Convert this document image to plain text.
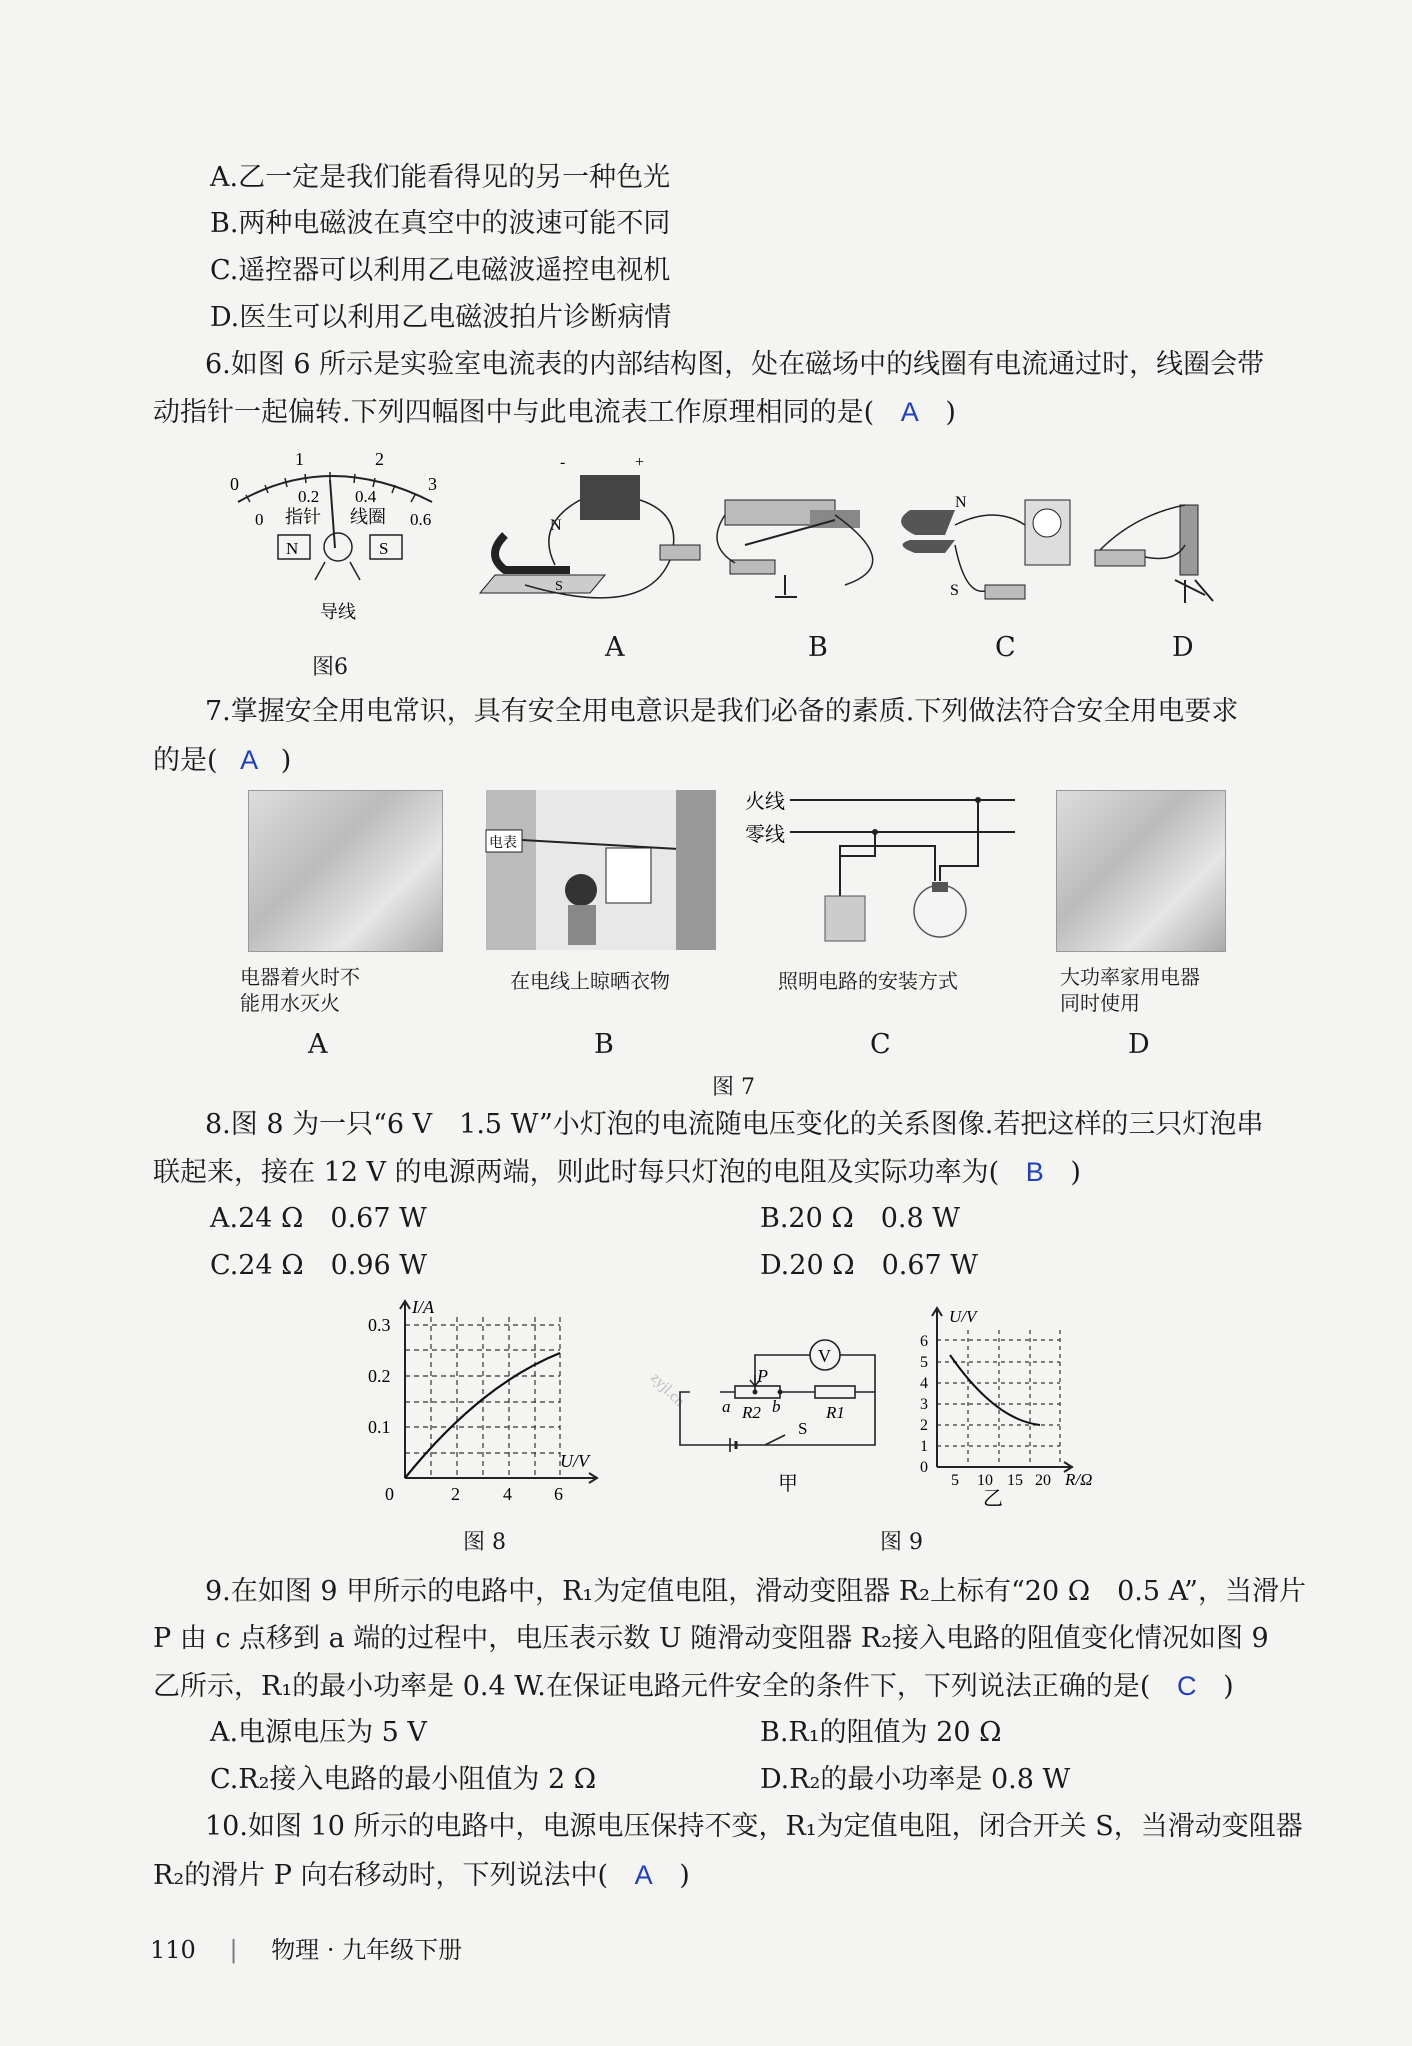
A.乙一定是我们能看得见的另一种色光
B.两种电磁波在真空中的波速可能不同
C.遥控器可以利用乙电磁波遥控电视机
D.医生可以利用乙电磁波拍片诊断病情
6.如图 6 所示是实验室电流表的内部结构图，处在磁场中的线圈有电流通过时，线圈会带
动指针一起偏转.下列四幅图中与此电流表工作原理相同的是( A )
0
1	2
3
0
0.2 0.4
0.6
指针 线圈
N	S
导线
图6
-	+
N
S
N
S
A	B	C	D
7.掌握安全用电常识，具有安全用电意识是我们必备的素质.下列做法符合安全用电要求
的是( A )
电表
火线
零线
电器着火时不
能用水灭火
在电线上晾晒衣物	照明电路的安装方式	大功率家用电器
同时使用
A	B	C	D
图 7
8.图 8 为一只“6 V　1.5 W”小灯泡的电流随电压变化的关系图像.若把这样的三只灯泡串
联起来，接在 12 V 的电源两端，则此时每只灯泡的电阻及实际功率为( B )
A.24 Ω　0.67 W	B.20 Ω　0.8 W
C.24 Ω　0.96 W	D.20 Ω　0.67 W
I/A
U/V
0.3
0.2
0.1
0	2 4 6
图 8
zyjl.cn
V
P
a R2 b
S
R1
甲
U/V
R/Ω
6
5
4
3
2
1
0
5 10 15 20
乙
图 9
9.在如图 9 甲所示的电路中，R₁为定值电阻，滑动变阻器 R₂上标有“20 Ω　0.5 A”，当滑片
P 由 c 点移到 a 端的过程中，电压表示数 U 随滑动变阻器 R₂接入电路的阻值变化情况如图 9
乙所示，R₁的最小功率是 0.4 W.在保证电路元件安全的条件下，下列说法正确的是( C )
A.电源电压为 5 V	B.R₁的阻值为 20 Ω
C.R₂接入电路的最小阻值为 2 Ω	D.R₂的最小功率是 0.8 W
10.如图 10 所示的电路中，电源电压保持不变，R₁为定值电阻，闭合开关 S，当滑动变阻器
R₂的滑片 P 向右移动时，下列说法中( A )
110 | 物理 · 九年级下册
